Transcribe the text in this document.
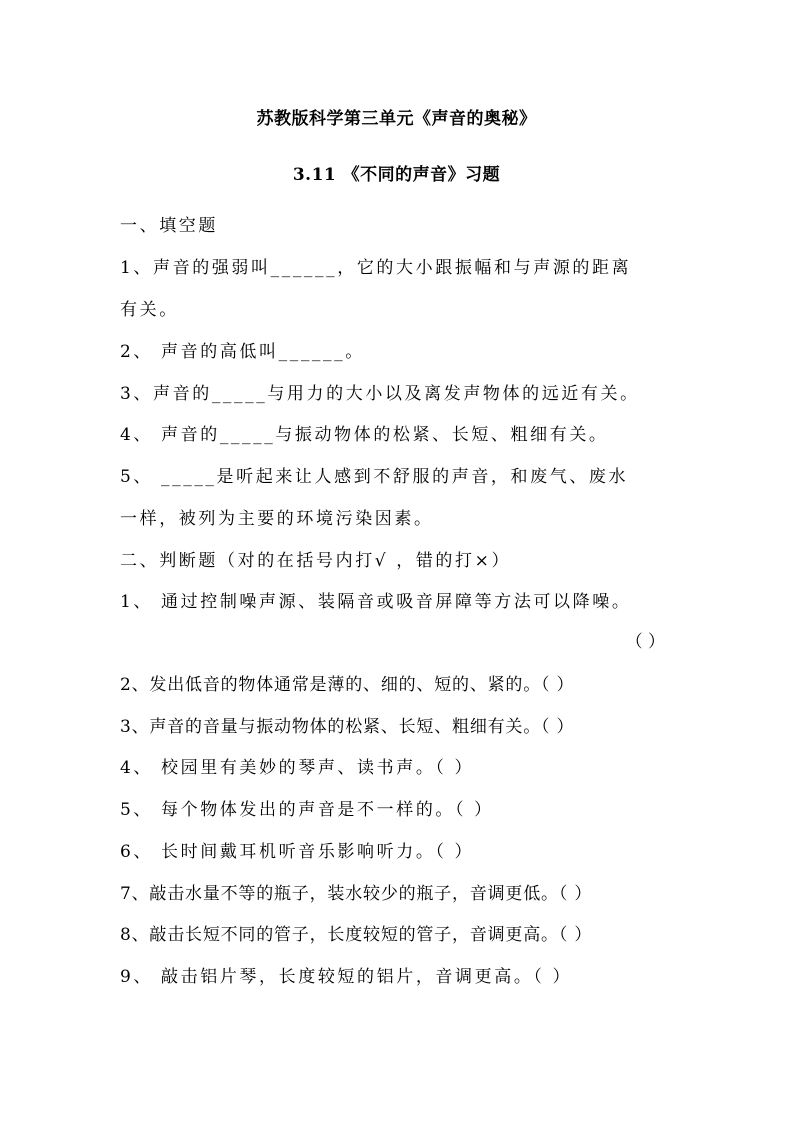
苏教版科学第三单元《声音的奥秘》
3.11 《不同的声音》习题
一、填空题
1、声音的强弱叫______，它的大小跟振幅和与声源的距离
有关。
2、 声音的高低叫______。
3、声音的_____与用力的大小以及离发声物体的远近有关。
4、 声音的_____与振动物体的松紧、长短、粗细有关。
5、 _____是听起来让人感到不舒服的声音，和废气、废水
一样，被列为主要的环境污染因素。
二、判断题（对的在括号内打√ ，错的打×）
1、 通过控制噪声源、装隔音或吸音屏障等方法可以降噪。
（ ）
2、发出低音的物体通常是薄的、细的、短的、紧的。（ ）
3、声音的音量与振动物体的松紧、长短、粗细有关。（ ）
4、 校园里有美妙的琴声、读书声。（ ）
5、 每个物体发出的声音是不一样的。（ ）
6、 长时间戴耳机听音乐影响听力。（ ）
7、敲击水量不等的瓶子，装水较少的瓶子，音调更低。（ ）
8、敲击长短不同的管子，长度较短的管子，音调更高。（ ）
9、 敲击铝片琴，长度较短的铝片，音调更高。（ ）
